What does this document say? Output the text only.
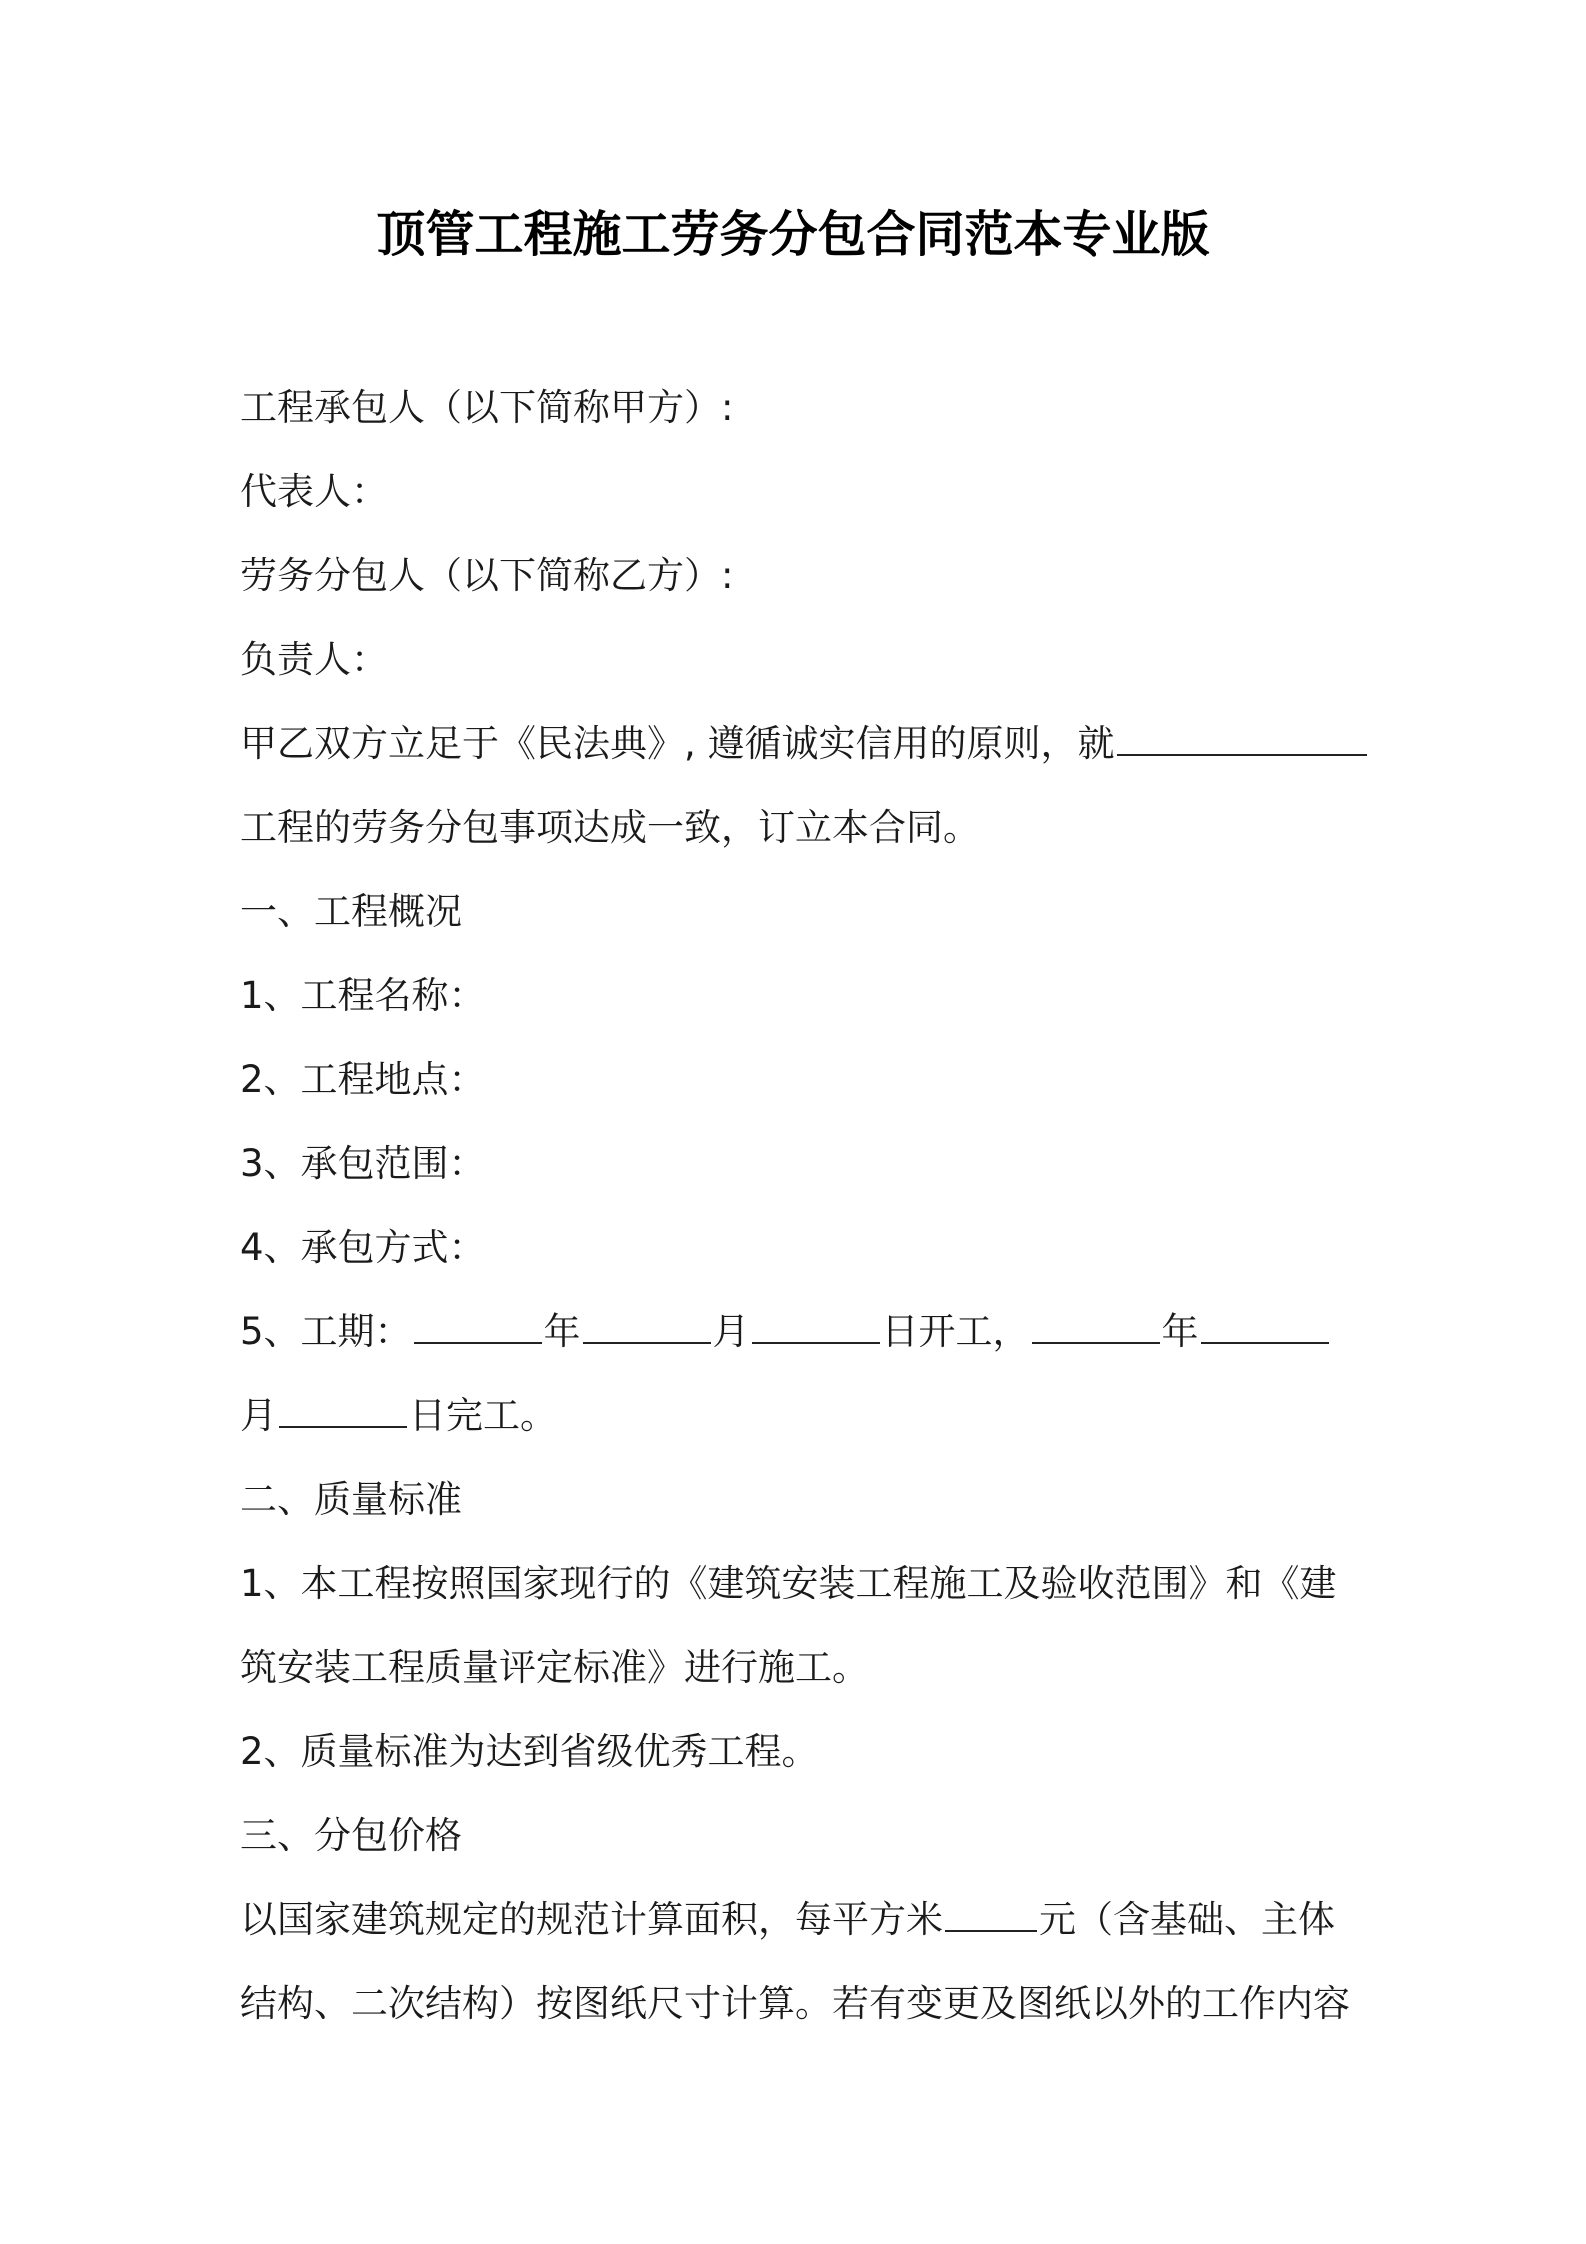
顶管工程施工劳务分包合同范本专业版
工程承包人（以下简称甲方）:
代表人：
劳务分包人（以下简称乙方）:
负责人：
甲乙双方立足于《民法典》, 遵循诚实信用的原则，就
工程的劳务分包事项达成一致，订立本合同。
一、工程概况
1、工程名称：
2、工程地点：
3、承包范围：
4、承包方式：
5、工期：	年	月	日开工，	年
月	日完工。
二、质量标准
1、本工程按照国家现行的《建筑安装工程施工及验收范围》和《建
筑安装工程质量评定标准》进行施工。
2、质量标准为达到省级优秀工程。
三、分包价格
以国家建筑规定的规范计算面积，每平方米	元（含基础、主体
结构、二次结构）按图纸尺寸计算。若有变更及图纸以外的工作内容
